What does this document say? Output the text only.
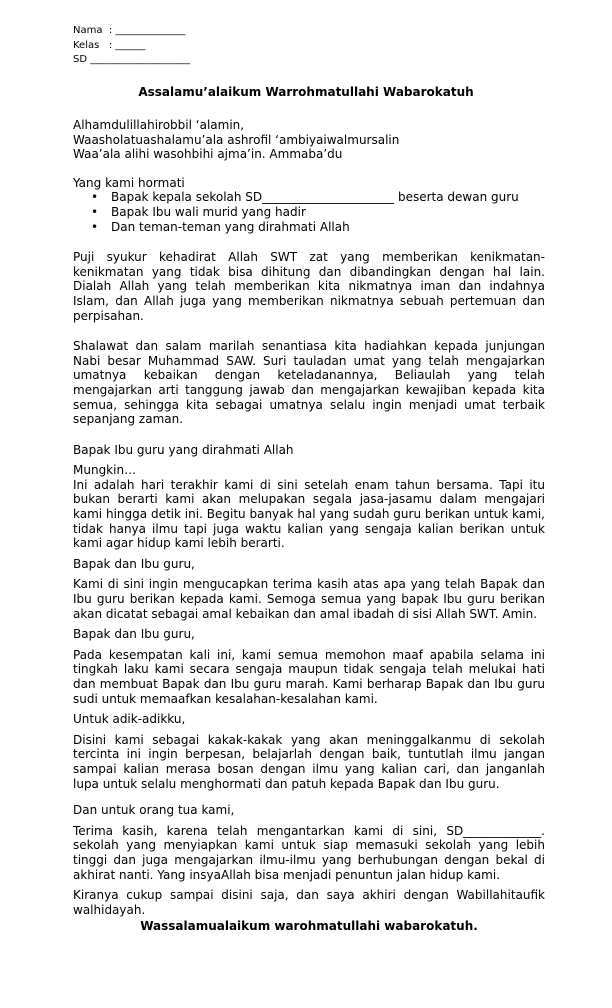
Nama  : ______________
Kelas   : ______
SD ____________________
Assalamu’alaikum Warrohmatullahi Wabarokatuh

Alhamdulillahirobbil ‘alamin,

Waasholatuashalamu’ala ashrofil ‘ambiyaiwalmursalin

Waa’ala alihi wasohbihi ajma’in. Ammaba’du

Yang kami hormati

• Bapak kepala sekolah SD______________________ beserta dewan guru
• Bapak Ibu wali murid yang hadir
• Dan teman-teman yang dirahmati Allah

Puji syukur kehadirat Allah SWT zat yang memberikan kenikmatan-kenikmatan yang tidak bisa dihitung dan dibandingkan dengan hal lain. Dialah Allah yang telah memberikan kita nikmatnya iman dan indahnya Islam, dan Allah juga yang memberikan nikmatnya sebuah pertemuan dan perpisahan.

Shalawat dan salam marilah senantiasa kita hadiahkan kepada junjungan Nabi besar Muhammad SAW. Suri tauladan umat yang telah mengajarkan umatnya kebaikan dengan keteladanannya, Beliaulah yang telah mengajarkan arti tanggung jawab dan mengajarkan kewajiban kepada kita semua, sehingga kita sebagai umatnya selalu ingin menjadi umat terbaik sepanjang zaman.

Bapak Ibu guru yang dirahmati Allah

Mungkin…

Ini adalah hari terakhir kami di sini setelah enam tahun bersama. Tapi itu bukan berarti kami akan melupakan segala jasa-jasamu dalam mengajari kami hingga detik ini. Begitu banyak hal yang sudah guru berikan untuk kami, tidak hanya ilmu tapi juga waktu kalian yang sengaja kalian berikan untuk kami agar hidup kami lebih berarti.

Bapak dan Ibu guru,

Kami di sini ingin mengucapkan terima kasih atas apa yang telah Bapak dan Ibu guru berikan kepada kami. Semoga semua yang bapak Ibu guru berikan akan dicatat sebagai amal kebaikan dan amal ibadah di sisi Allah SWT. Amin.

Bapak dan Ibu guru,

Pada kesempatan kali ini, kami semua memohon maaf apabila selama ini tingkah laku kami secara sengaja maupun tidak sengaja telah melukai hati dan membuat Bapak dan Ibu guru marah. Kami berharap Bapak dan Ibu guru sudi untuk memaafkan kesalahan-kesalahan kami.

Untuk adik-adikku,

Disini kami sebagai kakak-kakak yang akan meninggalkanmu di sekolah tercinta ini ingin berpesan, belajarlah dengan baik, tuntutlah ilmu jangan sampai kalian merasa bosan dengan ilmu yang kalian cari, dan janganlah lupa untuk selalu menghormati dan patuh kepada Bapak dan Ibu guru.

Dan untuk orang tua kami,

Terima kasih, karena telah mengantarkan kami di sini, SD_____________. sekolah yang menyiapkan kami untuk siap memasuki sekolah yang lebih tinggi dan juga mengajarkan ilmu-ilmu yang berhubungan dengan bekal di akhirat nanti. Yang insyaAllah bisa menjadi penuntun jalan hidup kami.

Kiranya cukup sampai disini saja, dan saya akhiri dengan Wabillahitaufik walhidayah.

Wassalamualaikum warohmatullahi wabarokatuh.
